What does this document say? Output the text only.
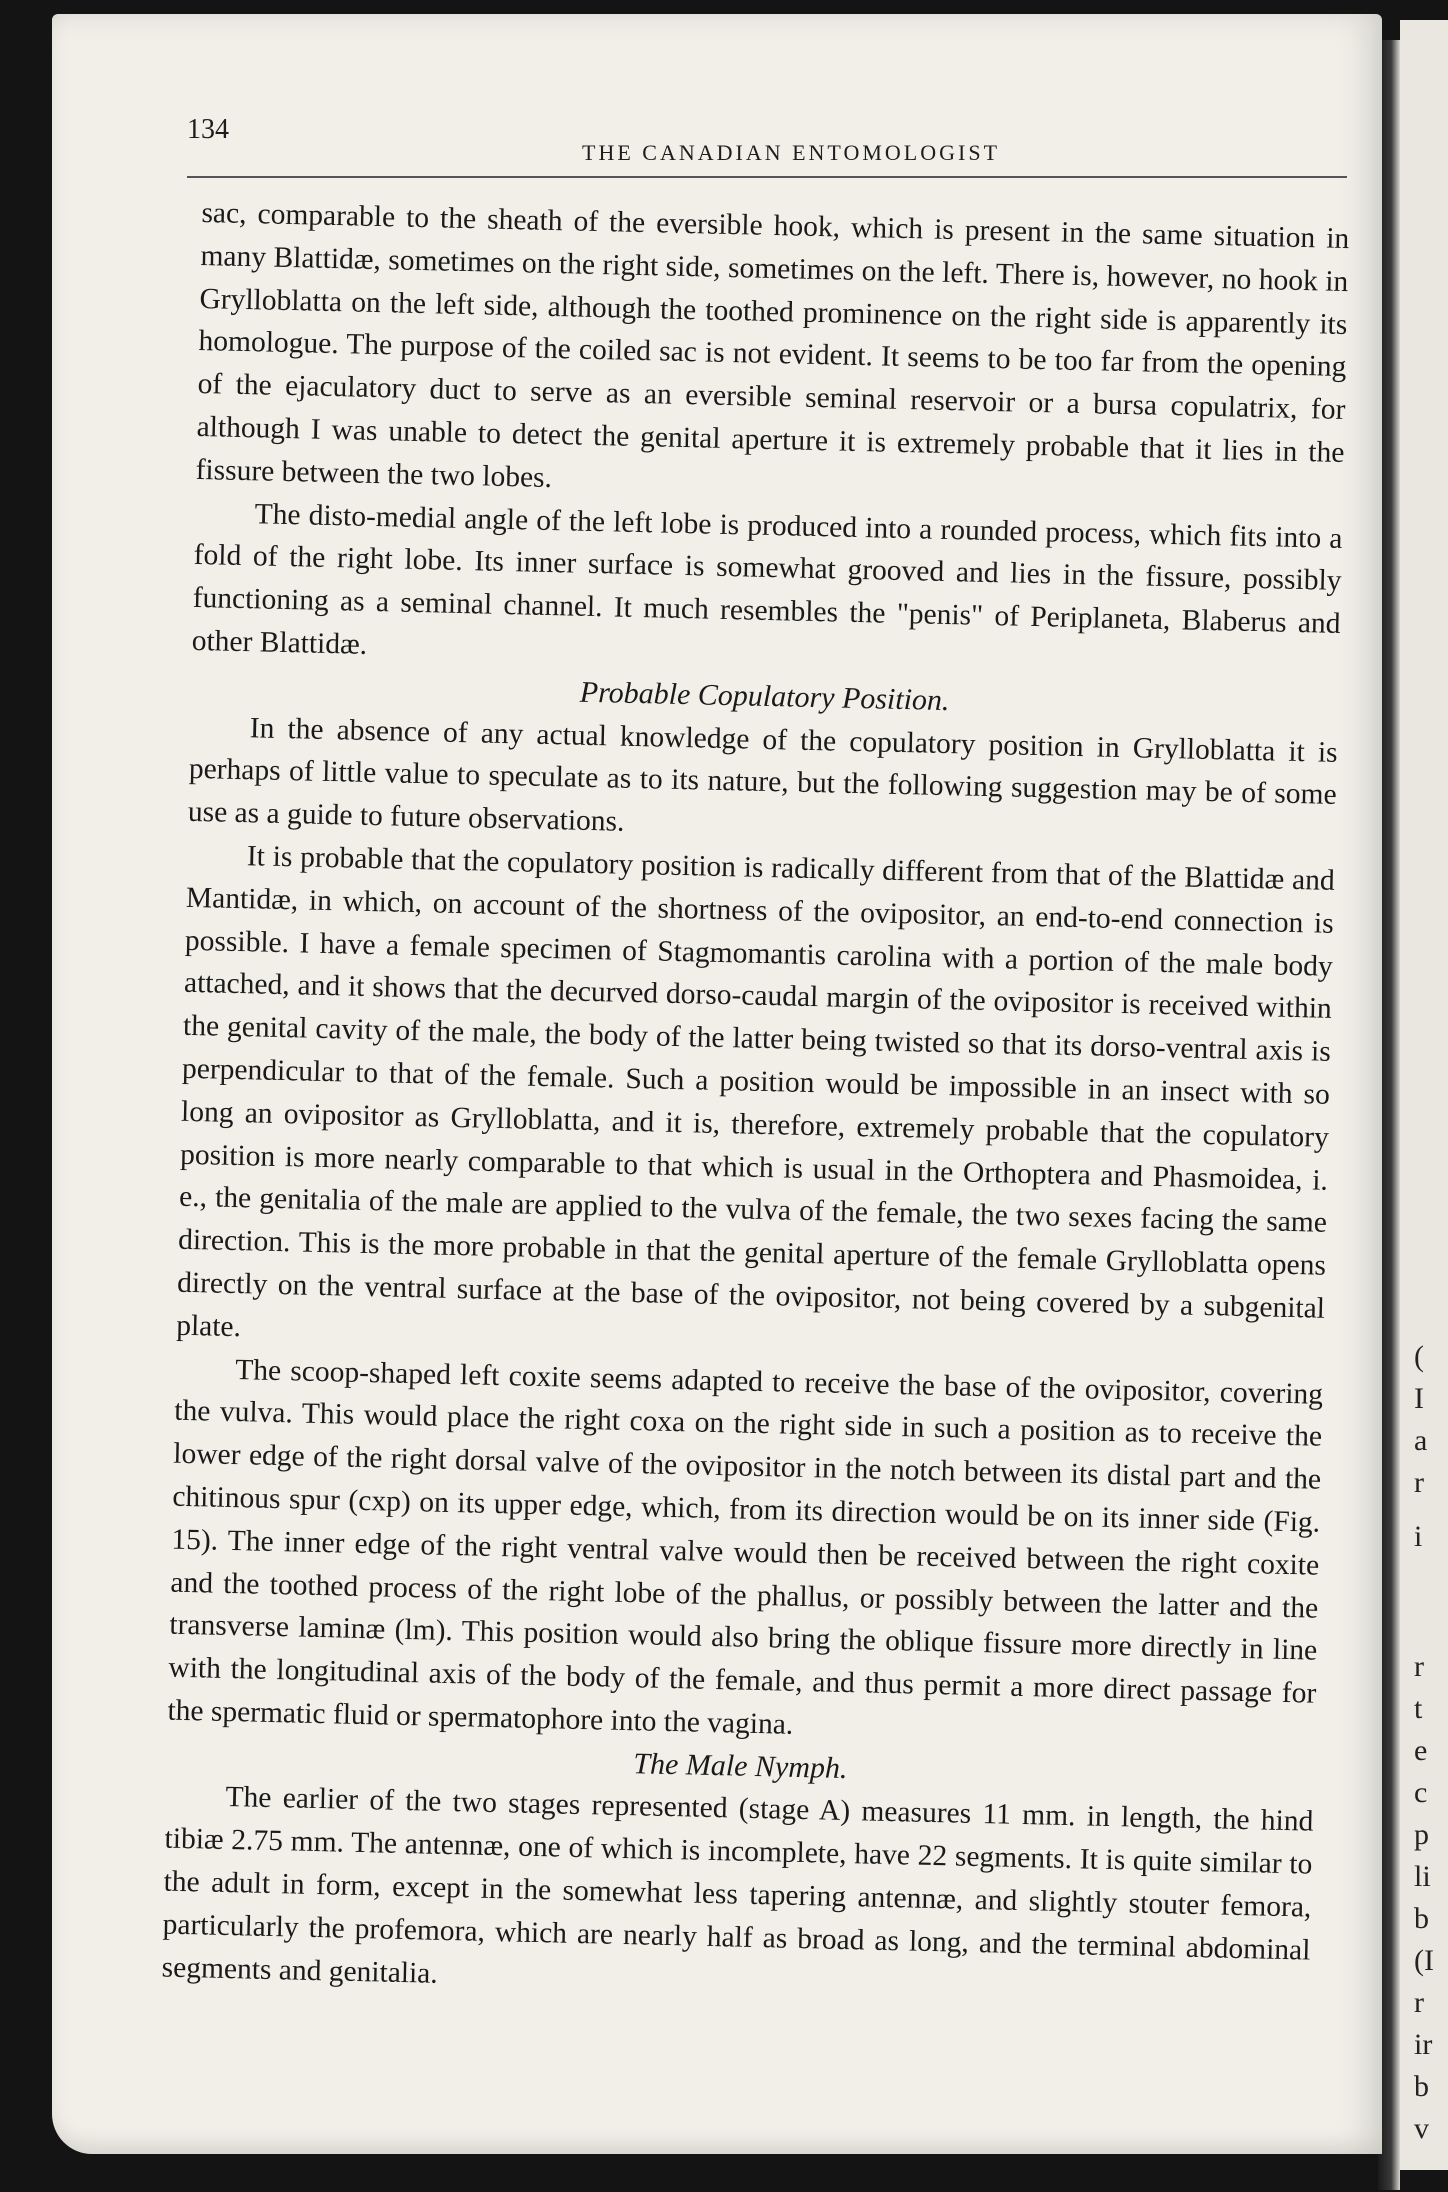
(
I
a
r
i
r
t
e
c
p
li
b
(I
r
ir
b
v
134
THE CANADIAN ENTOMOLOGIST

sac, comparable to the sheath of the eversible hook, which is present in the same situation in many Blattidæ, sometimes on the right side, sometimes on the left. There is, however, no hook in Grylloblatta on the left side, although the toothed prominence on the right side is apparently its homologue. The purpose of the coiled sac is not evident. It seems to be too far from the opening of the ejaculatory duct to serve as an eversible seminal reservoir or a bursa copulatrix, for although I was unable to detect the genital aperture it is extremely probable that it lies in the fissure between the two lobes.

The disto-medial angle of the left lobe is produced into a rounded process, which fits into a fold of the right lobe. Its inner surface is somewhat grooved and lies in the fissure, possibly functioning as a seminal channel. It much resembles the "penis" of Periplaneta, Blaberus and other Blattidæ.

Probable Copulatory Position.

In the absence of any actual knowledge of the copulatory position in Grylloblatta it is perhaps of little value to speculate as to its nature, but the following suggestion may be of some use as a guide to future observations.

It is probable that the copulatory position is radically different from that of the Blattidæ and Mantidæ, in which, on account of the shortness of the ovipositor, an end-to-end connection is possible. I have a female specimen of Stagmomantis carolina with a portion of the male body attached, and it shows that the decurved dorso-caudal margin of the ovipositor is received within the genital cavity of the male, the body of the latter being twisted so that its dorso-ventral axis is perpendicular to that of the female. Such a position would be impossible in an insect with so long an ovipositor as Grylloblatta, and it is, therefore, extremely probable that the copulatory position is more nearly comparable to that which is usual in the Orthoptera and Phasmoidea, i. e., the genitalia of the male are applied to the vulva of the female, the two sexes facing the same direction. This is the more probable in that the genital aperture of the female Grylloblatta opens directly on the ventral surface at the base of the ovipositor, not being covered by a subgenital plate.

The scoop-shaped left coxite seems adapted to receive the base of the ovipositor, covering the vulva. This would place the right coxa on the right side in such a position as to receive the lower edge of the right dorsal valve of the ovipositor in the notch between its distal part and the chitinous spur (cxp) on its upper edge, which, from its direction would be on its inner side (Fig. 15). The inner edge of the right ventral valve would then be received between the right coxite and the toothed process of the right lobe of the phallus, or possibly between the latter and the transverse laminæ (lm). This position would also bring the oblique fissure more directly in line with the longitudinal axis of the body of the female, and thus permit a more direct passage for the spermatic fluid or spermatophore into the vagina.

The Male Nymph.

The earlier of the two stages represented (stage A) measures 11 mm. in length, the hind tibiæ 2.75 mm. The antennæ, one of which is incomplete, have 22 segments. It is quite similar to the adult in form, except in the somewhat less tapering antennæ, and slightly stouter femora, particularly the profemora, which are nearly half as broad as long, and the terminal abdominal segments and genitalia.
